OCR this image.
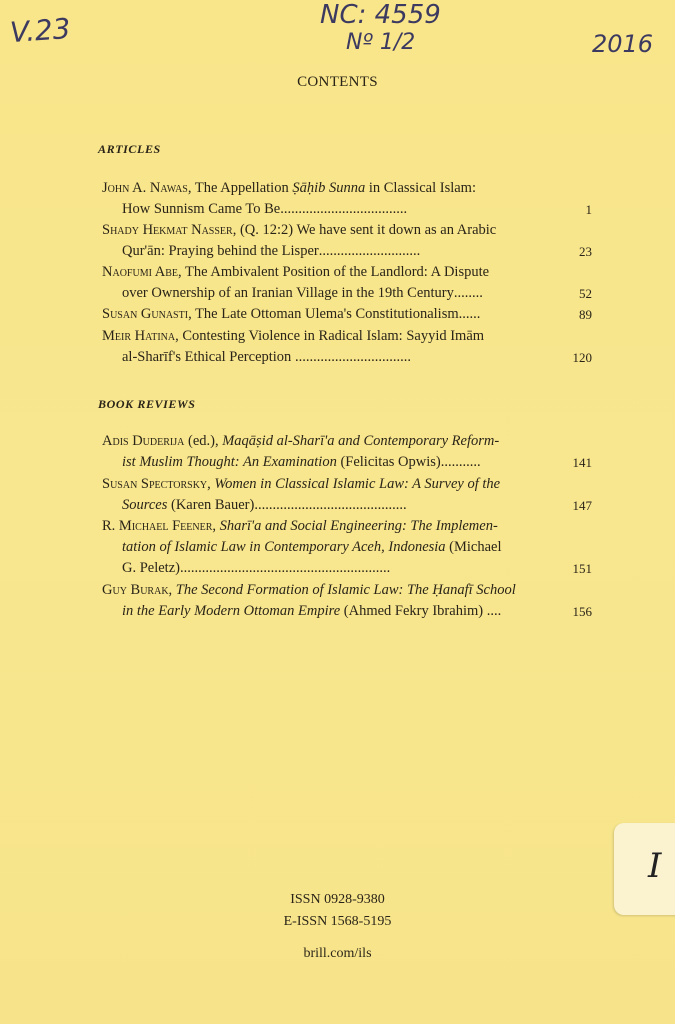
V.23	NC: 4559
Nº 1/2	2016
CONTENTS
ARTICLES
John A. Nawas, The Appellation Ṣāḥib Sunna in Classical Islam:
How Sunnism Came To Be...................................	1
Shady Hekmat Nasser, (Q. 12:2) We have sent it down as an Arabic
Qur'ān: Praying behind the Lisper............................	23
Naofumi Abe, The Ambivalent Position of the Landlord: A Dispute
over Ownership of an Iranian Village in the 19th Century........	52
Susan Gunasti, The Late Ottoman Ulema's Constitutionalism......	89
Meir Hatina, Contesting Violence in Radical Islam: Sayyid Imām
al-Sharīf's Ethical Perception ................................	120
BOOK REVIEWS
Adis Duderija (ed.), Maqāṣid al-Sharī'a and Contemporary Reform-
ist Muslim Thought: An Examination (Felicitas Opwis)...........	141
Susan Spectorsky, Women in Classical Islamic Law: A Survey of the
Sources (Karen Bauer)..........................................	147
R. Michael Feener, Sharī'a and Social Engineering: The Implemen-
tation of Islamic Law in Contemporary Aceh, Indonesia (Michael
G. Peletz)..........................................................	151
Guy Burak, The Second Formation of Islamic Law: The Ḥanafī School
in the Early Modern Ottoman Empire (Ahmed Fekry Ibrahim) ....	156
ISSN 0928-9380
E-ISSN 1568-5195
brill.com/ils
I
